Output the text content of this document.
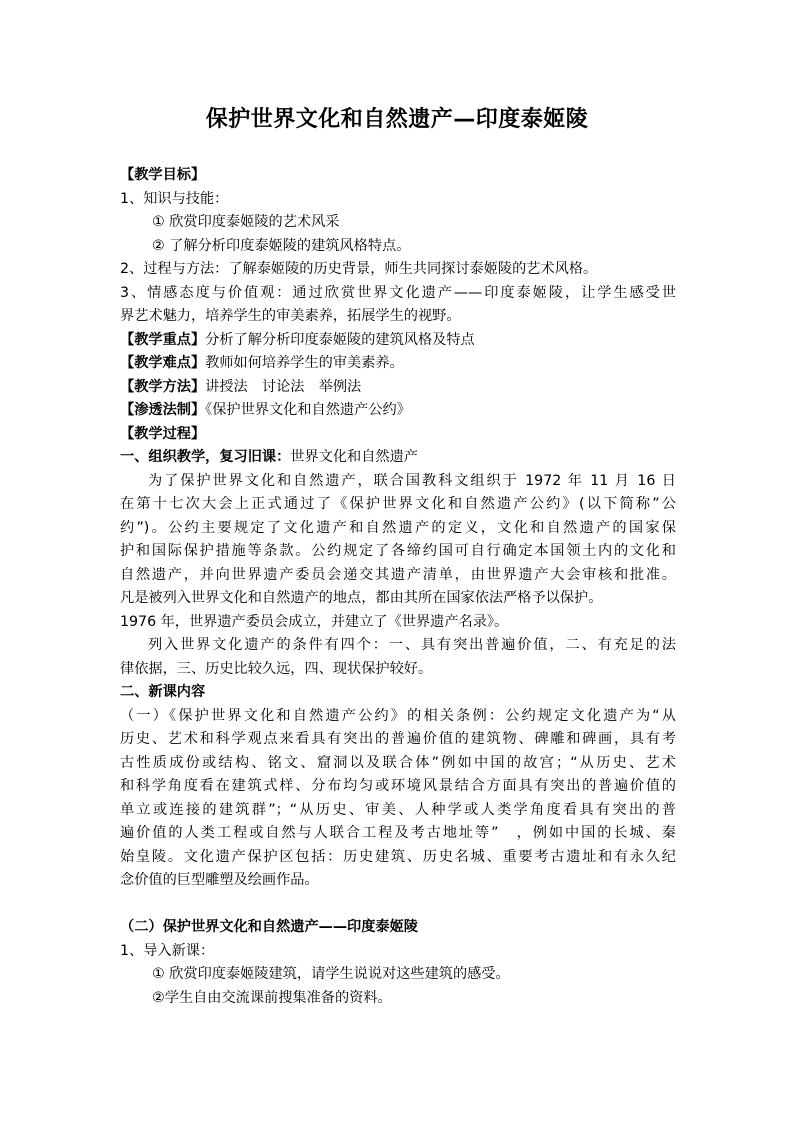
保护世界文化和自然遗产—印度泰姬陵

【教学目标】

1、知识与技能：

① 欣赏印度泰姬陵的艺术风采

② 了解分析印度泰姬陵的建筑风格特点。

2、过程与方法：了解泰姬陵的历史背景，师生共同探讨泰姬陵的艺术风格。

3、情感态度与价值观：通过欣赏世界文化遗产——印度泰姬陵，让学生感受世

界艺术魅力，培养学生的审美素养，拓展学生的视野。

【教学重点】分析了解分析印度泰姬陵的建筑风格及特点

【教学难点】教师如何培养学生的审美素养。

【教学方法】讲授法　讨论法　举例法

【渗透法制】《保护世界文化和自然遗产公约》

【教学过程】

一、组织教学，复习旧课：世界文化和自然遗产

为了保护世界文化和自然遗产，联合国教科文组织于 1972 年 11 月 16 日

在第十七次大会上正式通过了《保护世界文化和自然遗产公约》(以下简称”公

约”)。公约主要规定了文化遗产和自然遗产的定义，文化和自然遗产的国家保

护和国际保护措施等条款。公约规定了各缔约国可自行确定本国领土内的文化和

自然遗产，并向世界遗产委员会递交其遗产清单，由世界遗产大会审核和批准。

凡是被列入世界文化和自然遗产的地点，都由其所在国家依法严格予以保护。

1976 年，世界遗产委员会成立，并建立了《世界遗产名录》。

列入世界文化遗产的条件有四个：一、具有突出普遍价值，二、有充足的法

律依据，三、历史比较久远，四、现状保护较好。

二、新课内容

（一）《保护世界文化和自然遗产公约》的相关条例：公约规定文化遗产为“从

历史、艺术和科学观点来看具有突出的普遍价值的建筑物、碑雕和碑画，具有考

古性质成份或结构、铭文、窟洞以及联合体”例如中国的故宫；“从历史、艺术

和科学角度看在建筑式样、分布均匀或环境风景结合方面具有突出的普遍价值的

单立或连接的建筑群”；“从历史、审美、人种学或人类学角度看具有突出的普

遍价值的人类工程或自然与人联合工程及考古地址等”　，例如中国的长城、秦

始皇陵。文化遗产保护区包括：历史建筑、历史名城、重要考古遗址和有永久纪

念价值的巨型雕塑及绘画作品。

（二）保护世界文化和自然遗产——印度泰姬陵

1、导入新课：

① 欣赏印度泰姬陵建筑，请学生说说对这些建筑的感受。

②学生自由交流课前搜集准备的资料。
